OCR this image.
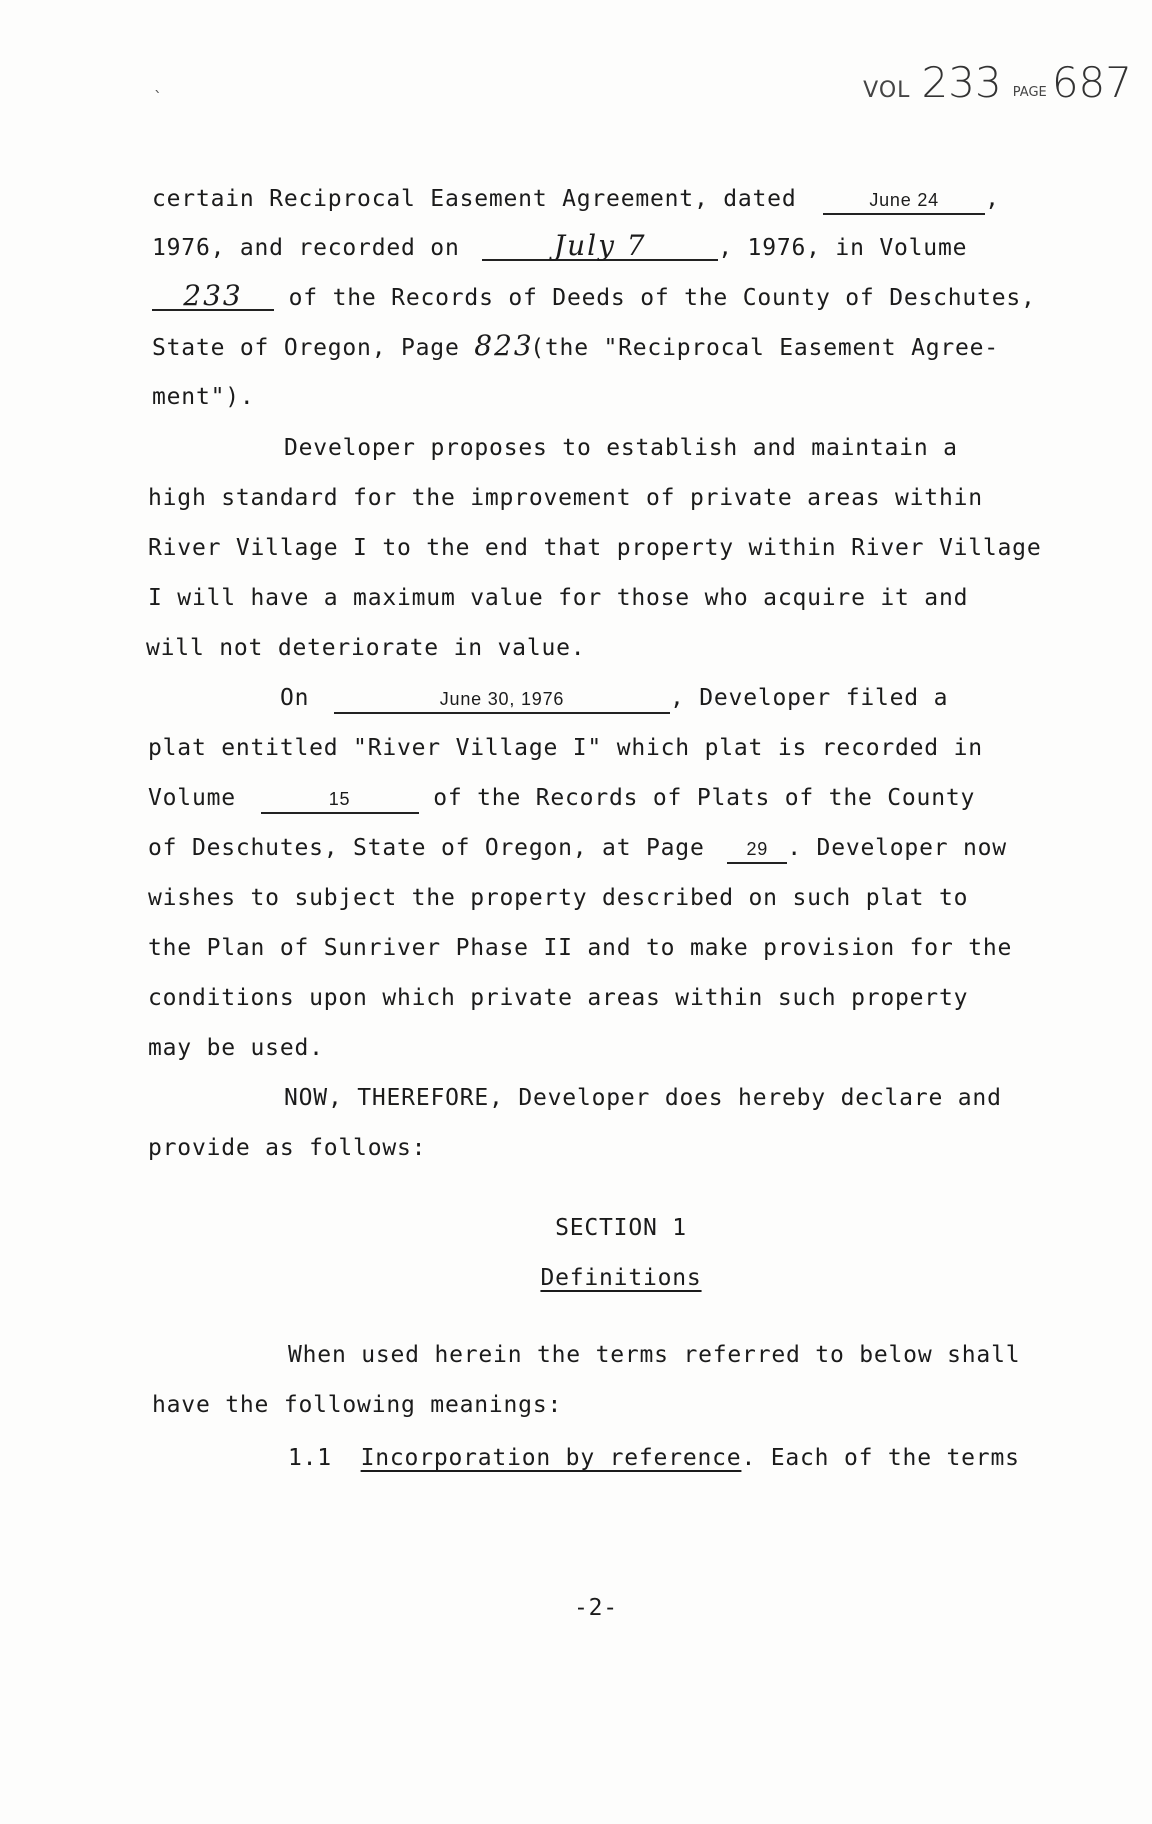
VOL 233 PAGE 687
`
certain Reciprocal Easement Agreement, dated	June 24 ,
1976, and recorded on	July 7	, 1976, in Volume
233 of the Records of Deeds of the County of Deschutes,
State of Oregon, Page 823(the "Reciprocal Easement Agree-
ment").
Developer proposes to establish and maintain a
high standard for the improvement of private areas within
River Village I to the end that property within River Village
I will have a maximum value for those who acquire it and
will not deteriorate in value.
On	June 30, 1976	, Developer filed a
plat entitled "River Village I" which plat is recorded in
Volume	15	of the Records of Plats of the County
of Deschutes, State of Oregon, at Page 29 . Developer now
wishes to subject the property described on such plat to
the Plan of Sunriver Phase II and to make provision for the
conditions upon which private areas within such property
may be used.
NOW, THEREFORE, Developer does hereby declare and
provide as follows:
SECTION 1
Definitions
When used herein the terms referred to below shall
have the following meanings:
1.1 Incorporation by reference. Each of the terms
-2-
